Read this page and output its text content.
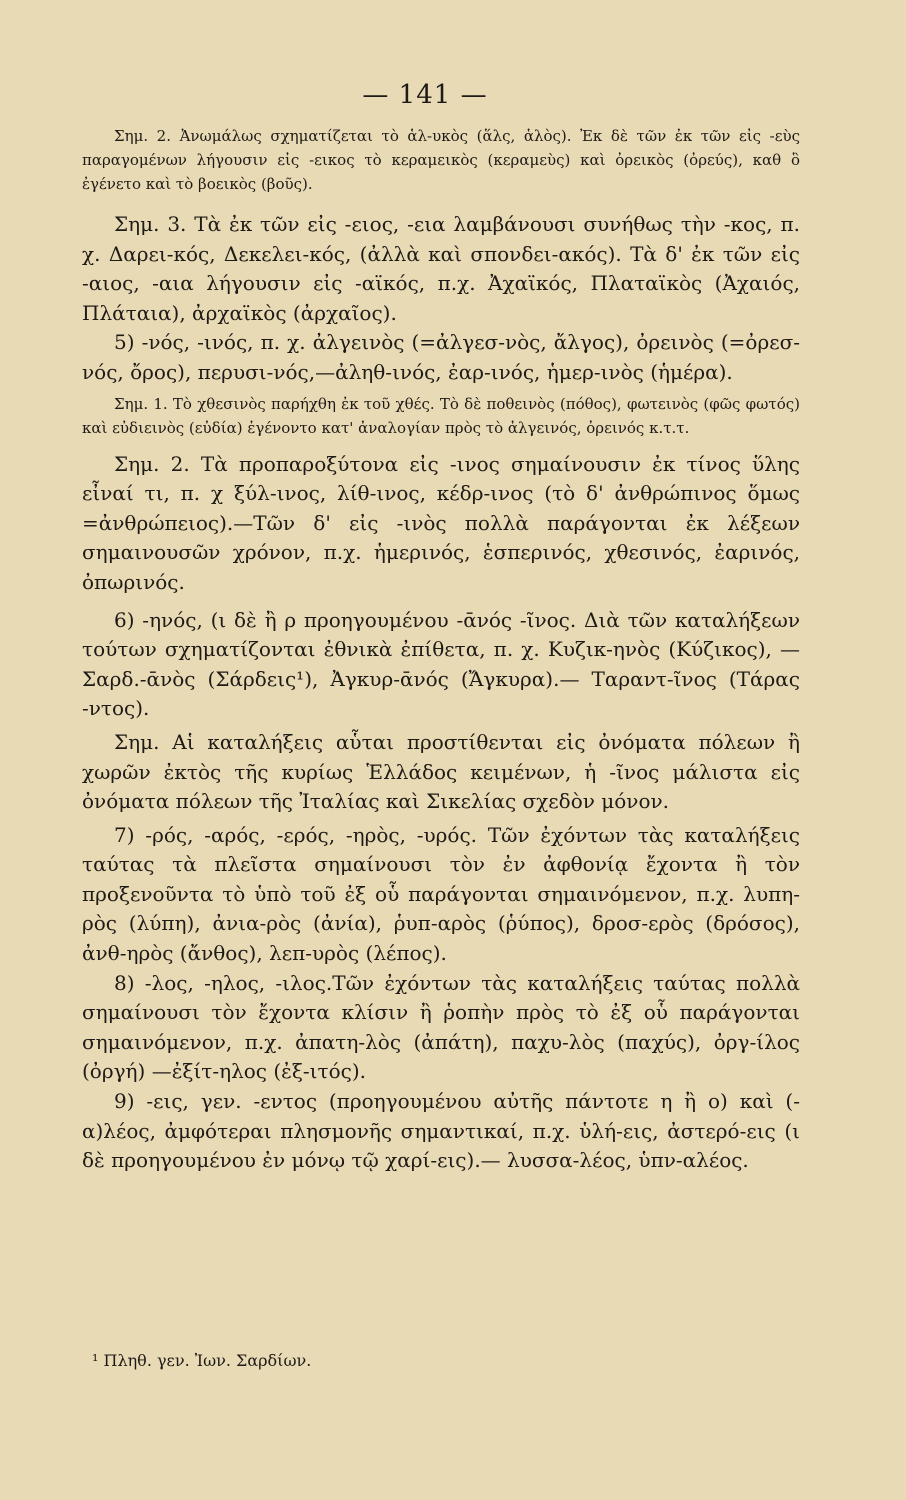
— 141 —

Σημ. 2. Ἀνωμάλως σχηματίζεται τὸ ἁλ-υκὸς (ἅλς, ἁλὸς). Ἐκ δὲ τῶν ἐκ τῶν εἰς -εὺς παραγομένων λήγουσιν εἰς -εικος τὸ κεραμεικὸς (κεραμεὺς) καὶ ὀρεικὸς (ὀρεύς), καθ ὃ ἐγένετο καὶ τὸ βοεικὸς (βοῦς).

Σημ. 3. Τὰ ἐκ τῶν εἰς -ειος, -εια λαμβάνουσι συνήθως τὴν -κος, π. χ. Δαρει-κός, Δεκελει-κός, (ἀλλὰ καὶ σπονδει-ακός). Τὰ δ' ἐκ τῶν εἰς -αιος, -αια λήγουσιν εἰς -αϊκός, π.χ. Ἀχαϊκός, Πλαταϊκὸς (Ἀχαιός, Πλάταια), ἀρχαϊκὸς (ἀρχαῖος).

5) -νός, -ινός, π. χ. ἀλγεινὸς (=ἀλγεσ-νὸς, ἄλγος), ὀρεινὸς (=ὀρεσ-νός, ὄρος), περυσι-νός,—ἀληθ-ινός, ἐαρ-ινός, ἡμερ-ινὸς (ἡμέρα).

Σημ. 1. Τὸ χθεσινὸς παρήχθη ἐκ τοῦ χθές. Τὸ δὲ ποθεινὸς (πόθος), φωτεινὸς (φῶς φωτός) καὶ εὐδιεινὸς (εὐδία) ἐγένοντο κατ' ἀναλογίαν πρὸς τὸ ἀλγεινός, ὀρεινός κ.τ.τ.

Σημ. 2. Τὰ προπαροξύτονα εἰς -ινος σημαίνουσιν ἐκ τίνος ὕλης εἶναί τι, π. χ ξύλ-ινος, λίθ-ινος, κέδρ-ινος (τὸ δ' ἀνθρώπινος ὅμως =ἀνθρώπειος).—Τῶν δ' εἰς -ινὸς πολλὰ παράγονται ἐκ λέξεων σημαινουσῶν χρόνον, π.χ. ἡμερινός, ἑσπερινός, χθεσινός, ἐαρινός, ὀπωρινός.

6) -ηνός, (ι δὲ ἢ ρ προηγουμένου -ᾱνός -ῖνος. Διὰ τῶν καταλήξεων τούτων σχηματίζονται ἐθνικὰ ἐπίθετα, π. χ. Κυζικ-ηνὸς (Κύζικος), — Σαρδ.-ᾱνὸς (Σάρδεις¹), Ἀγκυρ-ᾱνός (Ἄγκυρα).— Ταραντ-ῖνος (Τάρας -ντος).

Σημ. Αἱ καταλήξεις αὗται προστίθενται εἰς ὀνόματα πόλεων ἢ χωρῶν ἐκτὸς τῆς κυρίως Ἑλλάδος κειμένων, ἡ -ῖνος μάλιστα εἰς ὀνόματα πόλεων τῆς Ἰταλίας καὶ Σικελίας σχεδὸν μόνον.

7) -ρός, -αρός, -ερός, -ηρὸς, -υρός. Τῶν ἐχόντων τὰς καταλήξεις ταύτας τὰ πλεῖστα σημαίνουσι τὸν ἐν ἀφθονίᾳ ἔχοντα ἢ τὸν προξενοῦντα τὸ ὑπὸ τοῦ ἐξ οὗ παράγονται σημαινόμενον, π.χ. λυπη-ρὸς (λύπη), ἀνια-ρὸς (ἀνία), ῥυπ-αρὸς (ῥύπος), δροσ-ερὸς (δρόσος), ἀνθ-ηρὸς (ἄνθος), λεπ-υρὸς (λέπος).

8) -λος, -ηλος, -ιλος.Τῶν ἐχόντων τὰς καταλήξεις ταύτας πολλὰ σημαίνουσι τὸν ἔχοντα κλίσιν ἢ ῥοπὴν πρὸς τὸ ἐξ οὗ παράγονται σημαινόμενον, π.χ. ἀπατη-λὸς (ἀπάτη), παχυ-λὸς (παχύς), ὀργ-ίλος (ὀργή) —ἐξίτ-ηλος (ἐξ-ιτός).

9) -εις, γεν. -εντος (προηγουμένου αὐτῆς πάντοτε η ἢ ο) καὶ (-α)λέος, ἀμφότεραι πλησμονῆς σημαντικαί, π.χ. ὑλή-εις, ἀστερό-εις (ι δὲ προηγουμένου ἐν μόνῳ τῷ χαρί-εις).— λυσσα-λέος, ὑπν-αλέος.

¹ Πληθ. γεν. Ἰων. Σαρδίων.
